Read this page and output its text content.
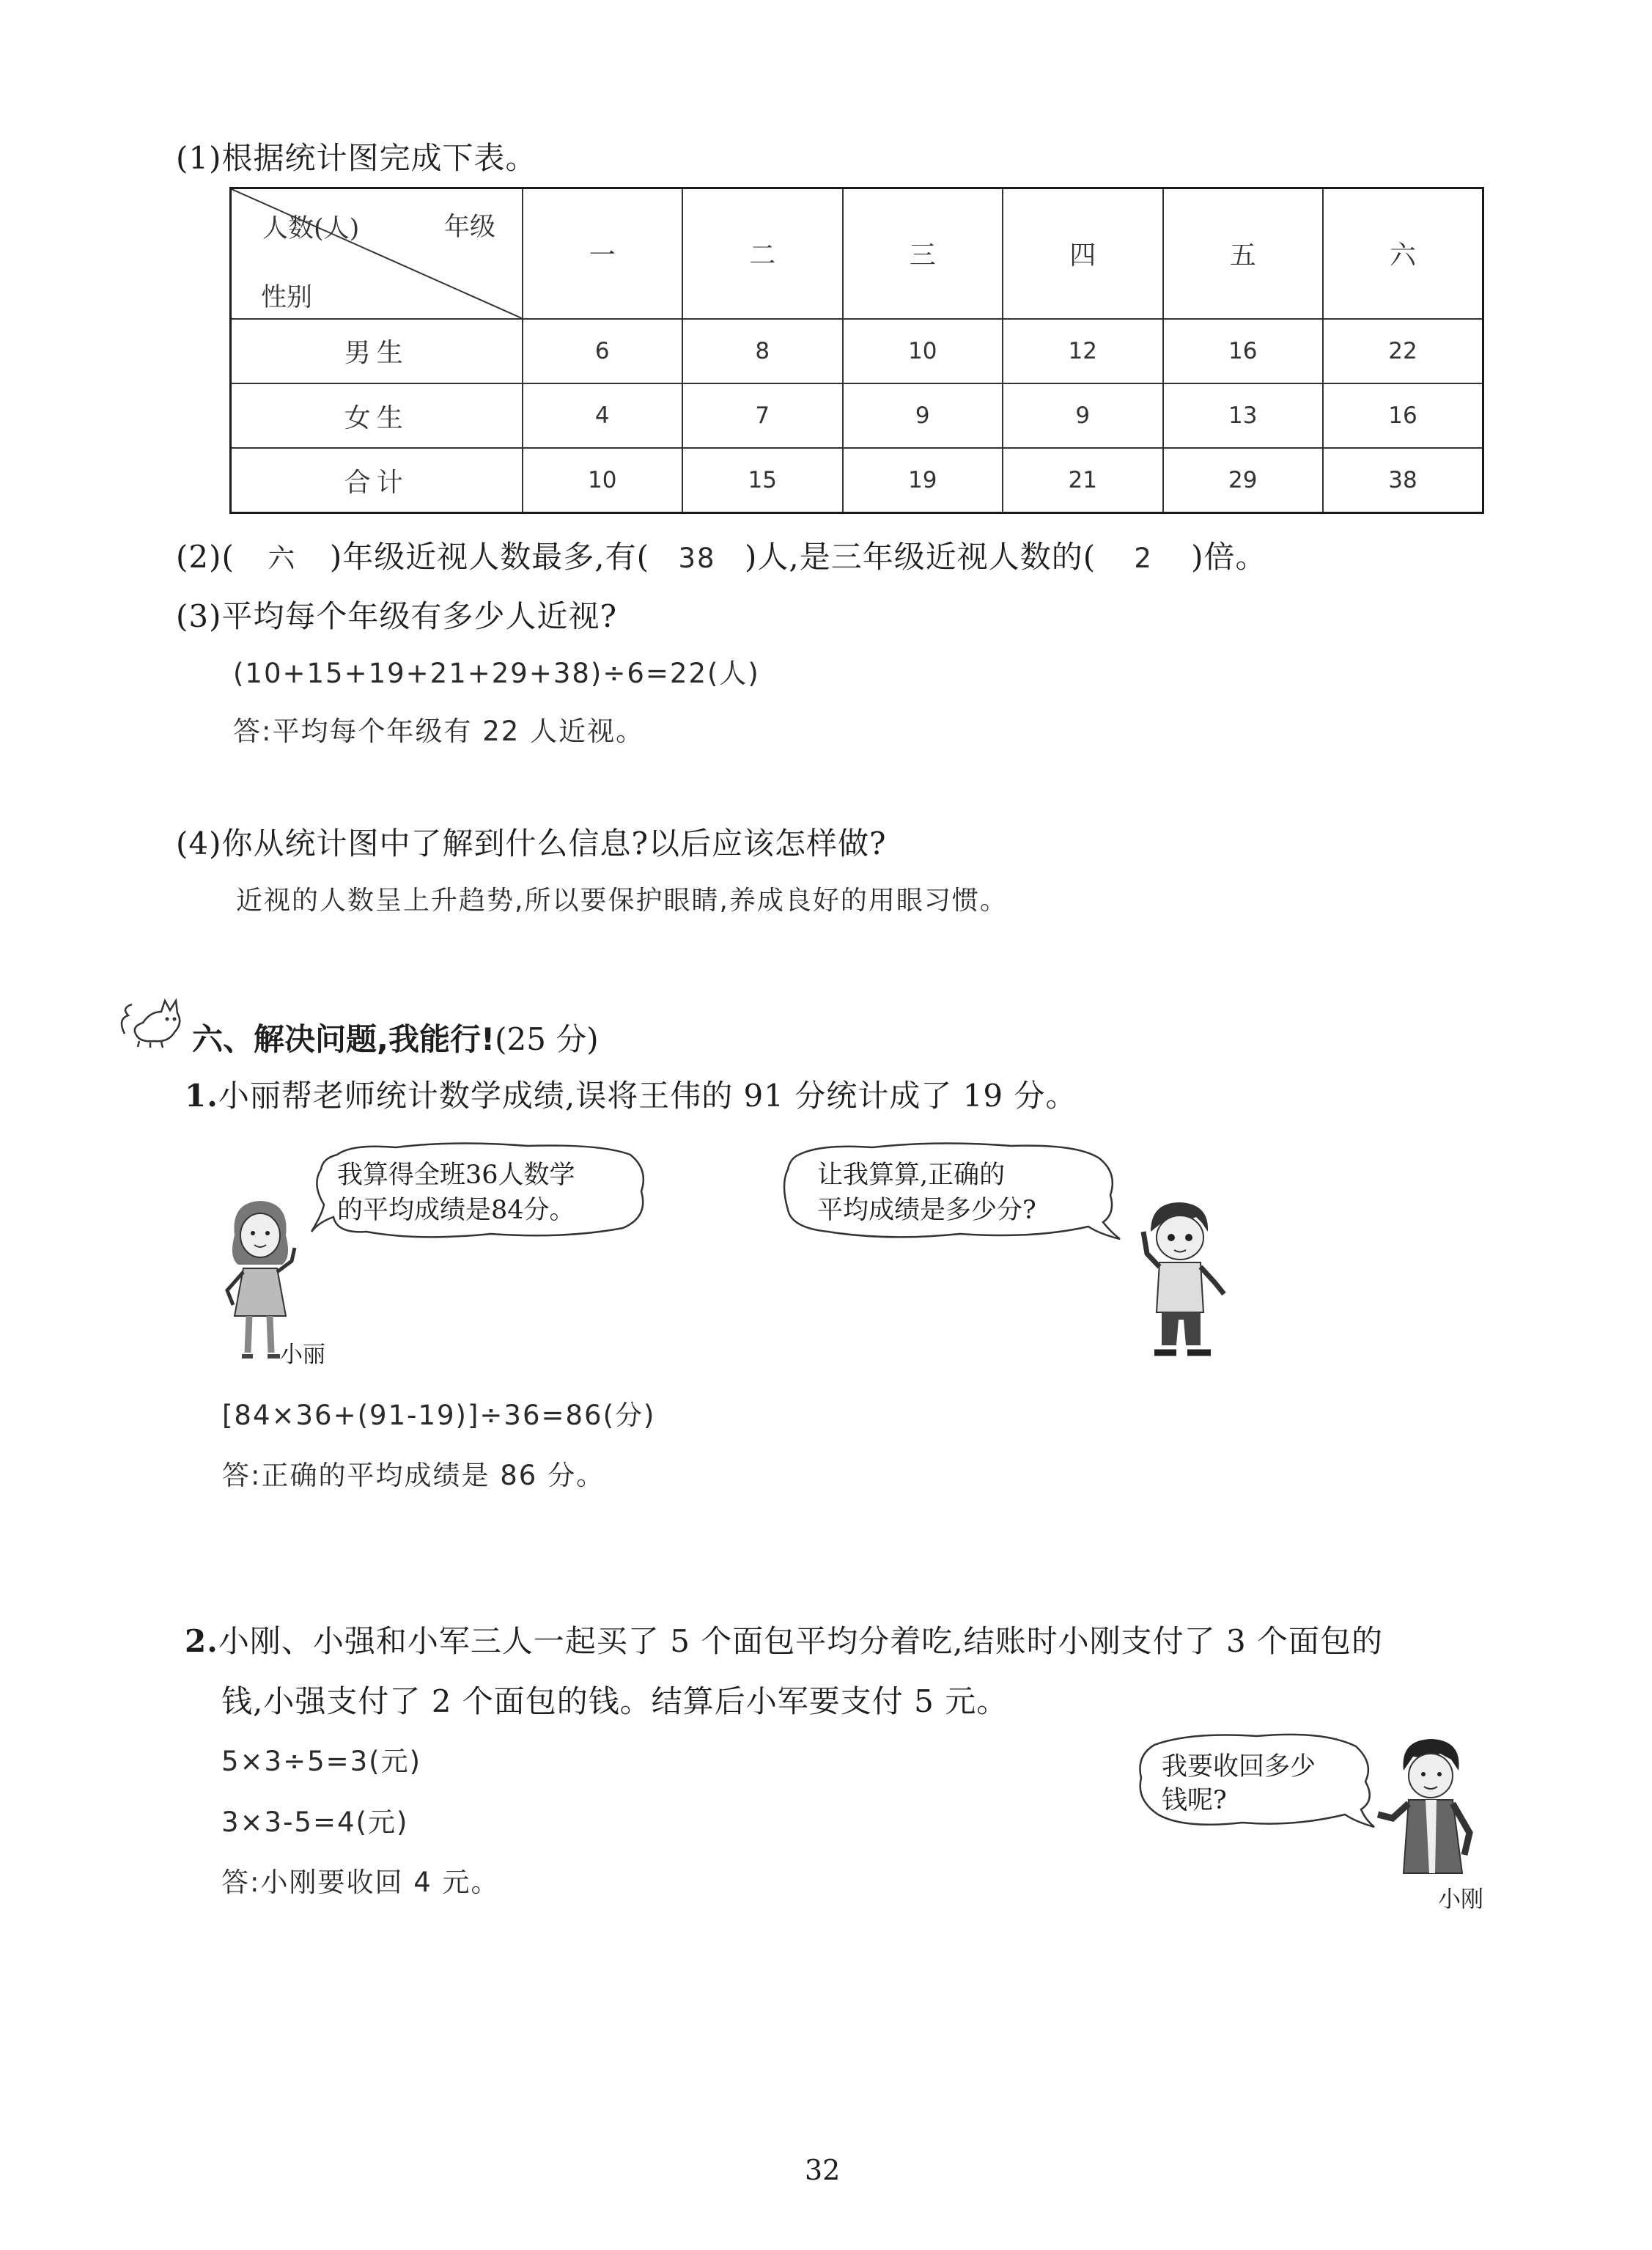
(1)根据统计图完成下表。
人数(人) 年级
性别	一	二	三	四	五	六
男生	6	8	10	12	16	22
女生	4	7	9	9	13	16
合计	10	15	19	21	29	38
(2)( 六 )年级近视人数最多,有( 38 )人,是三年级近视人数的( 2 )倍。
(3)平均每个年级有多少人近视?
(10+15+19+21+29+38)÷6=22(人)
答:平均每个年级有 22 人近视。
(4)你从统计图中了解到什么信息?以后应该怎样做?
近视的人数呈上升趋势,所以要保护眼睛,养成良好的用眼习惯。
六、解决问题,我能行!(25 分)
1.小丽帮老师统计数学成绩,误将王伟的 91 分统计成了 19 分。
我算得全班36人数学
的平均成绩是84分。
让我算算,正确的
平均成绩是多少分?
小丽
[84×36+(91-19)]÷36=86(分)
答:正确的平均成绩是 86 分。
2.小刚、小强和小军三人一起买了 5 个面包平均分着吃,结账时小刚支付了 3 个面包的
钱,小强支付了 2 个面包的钱。结算后小军要支付 5 元。
5×3÷5=3(元)
3×3-5=4(元)
答:小刚要收回 4 元。
我要收回多少
钱呢?
小刚
32
